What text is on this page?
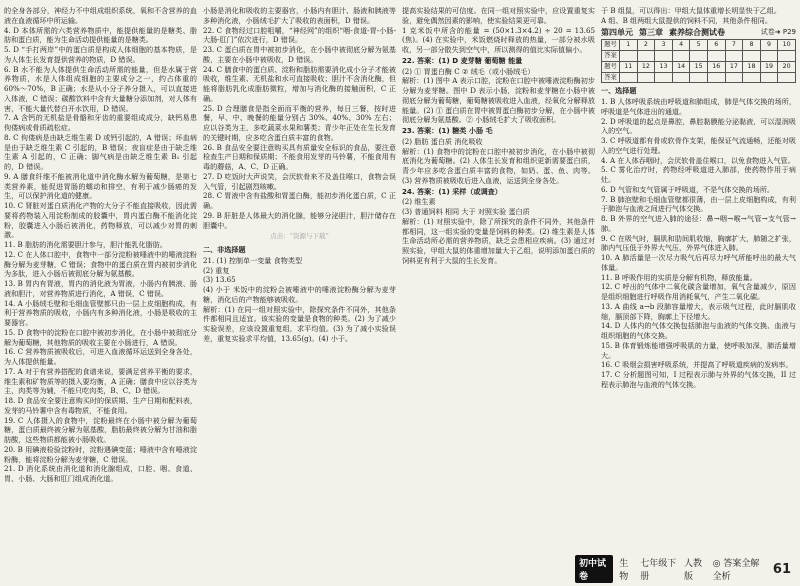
的全身各部分，神经力不中组成组织系统，氧和不含营养的血液在血液循环中所运输。

4. D 本体所需的六类营养物质中，能提供能量的是糖类、脂肪和蛋白质，能为生命活动提供能量的是糖类。

5. D “手打两岸”中的蛋白质是构成人体细胞的基本物质，是为人体生长发育提供营养的物质，D 错误。

6. B 水不能为人体提供生命活动所需的能量，但是水属于营养物质，水是人体组成细胞的主要成分之一，约占体重的 60%～70%，B 正确；水是从小分子养分摄入，可以直接进入体液，C 错误；碳酸饮料中含有大量糖分添加剂，对人体有害，不能大量代替白开水饮用，D 错误。

7. A 含钙的无机盐是骨骼和牙齿的重要组成成分，缺钙易患佝偻病或骨质疏松症。

8. C 佝偻病是由缺乏维生素 D 或钙引起的，A 错误；坏血病是由于缺乏维生素 C 引起的，B 错误；夜盲症是由于缺乏维生素 A 引起的，C 正确；脚气病是由缺乏维生素 B₁ 引起的，D 错误。

9. A 膳食纤维不能被消化道中消化酶水解为葡萄糖，是第七类营养素，能促进胃肠的蠕动和排空，有利于减少肠癌的发生，可以保护消化道的健康。

10. C 肾脏对蛋白质消化产物的大分子不能直接吸收，因此需要将药物装入用淀粉制成的胶囊中，胃内蛋白酶不能消化淀粉，胶囊进入小肠后被消化，药物释放，可以减少对胃的刺激。

11. B 脂肪的消化需要胆汁参与，胆汁能乳化脂肪。

12. C 在人体口腔中，食物中一部分淀粉被唾液中的唾液淀粉酶分解为麦芽糖，C 错误；食物中的蛋白质在胃内被初步消化为多肽，进入小肠后被彻底分解为氨基酸。

13. B 胃内有胃液，胃内的消化液为胃液，小肠内有胰液、肠液和胆汁，对营养物质进行消化，A 错误，C 错误。

14. A 小肠绒毛壁和毛细血管壁都只由一层上皮细胞构成，有利于营养物质的吸收，小肠内有多种消化液，小肠是吸收的主要器官。

15. D 食物中的淀粉在口腔中被初步消化，在小肠中被彻底分解为葡萄糖，其他物质的吸收主要在小肠进行，A 错误。

16. C 营养物质被吸收后，可进入血液循环运送到全身各处，为人体提供能量。

17. A 对于有营养搭配的食谱来说，要满足营养平衡的要求，维生素和矿物质等的摄入要均衡，A 正确；膳食中应以谷类为主，肉类等为辅，不能只吃肉类，B、C、D 错误。

18. D 食品安全要注意购买时的保质期、生产日期和配料表，发芽的马铃薯中含有毒物质，不能食用。

19. C 人体摄入的食物中，淀粉最终在小肠中被分解为葡萄糖，蛋白质最终被分解为氨基酸，脂肪最终被分解为甘油和脂肪酸，这些物质都能被小肠吸收。

20. B 用碘液检验淀粉时，淀粉遇碘变蓝；唾液中含有唾液淀粉酶，能将淀粉分解为麦芽糖，C 错误。

21. D 消化系统由消化道和消化腺组成，口腔、咽、食道、胃、小肠、大肠和肛门组成消化道。

小肠是消化和吸收的主要器官，小肠内有胆汁、肠液和胰液等多种消化液，小肠绒毛扩大了吸收的表面积，D 错误。

22. C 食物经过口腔咀嚼，“神经网”的组织“咽-食道-胃-小肠-大肠-肛门”依次进行，D 错误。

23. C 蛋白质在胃中被初步消化，在小肠中被彻底分解为氨基酸，主要在小肠中被吸收，D 错误。

24. C 膳食中的蛋白质、淀粉和脂肪需要消化成小分子才能被吸收，维生素、无机盐和水可直接吸收；胆汁不含消化酶，但能将脂肪乳化成脂肪微粒，增加与消化酶的接触面积，C 正确。

25. D 合理膳食是指全面而平衡的营养，每日三餐，按时进餐，早、中、晚餐的能量分别占 30%、40%、30% 左右；应以谷类为主，多吃蔬菜水果和薯类；青少年正处在生长发育的关键时期，应多吃含蛋白质丰富的食物。

26. B 食品安全要注意购买具有质量安全标识的食品，要注意检查生产日期和保质期；不能食用发芽的马铃薯，不能食用有毒的蘑菇，A、C、D 正确。

27. D 吃饭时大声说笑，会厌软骨来不及盖住喉口，食物会误入气管，引起剧烈咳嗽。

28. C 胃液中含有盐酸和胃蛋白酶，能初步消化蛋白质，C 正确。

29. B 肝脏是人体最大的消化腺，能够分泌胆汁，胆汁储存在胆囊中。

点击：“资源与下载”

二、非选择题

21. (1) 控制单一变量 食物类型

(2) 重复

(3) 13.65

(4) 小于 米饭中的淀粉会被唾液中的唾液淀粉酶分解为麦芽糖，消化后的产物能够被吸收。

解析：(1) 在同一组对照实验中，除探究条件不同外，其他条件都相同且适宜。该实验的变量是食物的种类。(2) 为了减少实验误差，应该设置重复组，求平均值。(3) 为了减小实验误差，重复实验求平均值，13.65(g)。(4) 小于。

提高实验结果的可信度。在同一组对照实验中，应设置重复实验，避免偶然因素的影响，使实验结果更可靠。

1 克米饭中所含的能量 = (50×1.3×4.2) ÷ 20 = 13.65 (焦)。(4) 在实验中，米饭燃烧时释放的热量，一部分被水吸收，另一部分散失到空气中，所以测得的值比实际值偏小。

22. 答案：(1) D 麦芽糖 葡萄糖 能量

(2) ① 胃蛋白酶 C ② 绒毛（或小肠绒毛）

解析：(1) 图中 A 表示口腔，淀粉在口腔中被唾液淀粉酶初步分解为麦芽糖。图中 D 表示小肠，淀粉和麦芽糖在小肠中被彻底分解为葡萄糖，葡萄糖被吸收进入血液，经氧化分解释放能量。(2) ① 蛋白质在胃中被胃蛋白酶初步分解，在小肠中被彻底分解为氨基酸。② 小肠绒毛扩大了吸收面积。

23. 答案：(1) 糖类 小肠 毛

(2) 脂肪 蛋白质 消化吸收

解析：(1) 食物中的淀粉在口腔中被初步消化，在小肠中被彻底消化为葡萄糖。(2) 人体生长发育和组织更新需要蛋白质，青少年应多吃含蛋白质丰富的食物，如奶、蛋、鱼、肉等。(3) 营养物质被吸收后进入血液，运送到全身各处。

24. 答案：(1) 采样（或调查）

(2) 维生素

(3) 普通饲料 相同 大于 对照实验 蛋白质

解析：(1) 对照实验中，除了所探究的条件不同外，其他条件都相同，这一组实验的变量是饲料的种类。(2) 维生素是人体生命活动所必需的营养物质，缺乏会患相应疾病。(3) 通过对照实验，甲组大鼠的体重增加量大于乙组，说明添加蛋白质的饲料更有利于大鼠的生长发育。

于 B 组鼠，可以得出：甲组大鼠体重增长明显快于乙组。

A 组、B 组两组大鼠提供的饲料不同，其他条件相同。

第四单元 第三章 素养综合测试卷	试卷➜ P29
题号	1	2	3	4	5	6	7	8	9	10
答案										
题号	11	12	13	14	15	16	17	18	19	20
答案										

一、选择题

1. B 人体呼吸系统由呼吸道和肺组成，肺是气体交换的场所，呼吸道是气体进出的通道。

2. D 呼吸道的起点是鼻腔，鼻腔黏膜能分泌黏液，可以湿润吸入的空气。

3. C 呼吸道都有骨或软骨作支架，能保证气流通畅，还能对吸入的空气进行处理。

4. A 在人体吞咽时，会厌软骨盖住喉口，以免食物进入气管。

5. C 雾化治疗时，药物经呼吸道进入肺部，使药物作用于病灶。

6. D 气管和支气管属于呼吸道，不是气体交换的场所。

7. B 肺泡壁和毛细血管壁都很薄，由一层上皮细胞构成，有利于肺泡与血液之间进行气体交换。

8. B 外界的空气进入肺的途径：鼻→咽→喉→气管→支气管→肺。

9. C 在吸气时，膈肌和肋间肌收缩，胸廓扩大，肺随之扩张，肺内气压低于外界大气压，外界气体进入肺。

10. A 肺活量是一次尽力吸气后再尽力呼气所能呼出的最大气体量。

11. B 呼吸作用的实质是分解有机物，释放能量。

12. C 呼出的气体中二氧化碳含量增加，氧气含量减少，原因是组织细胞进行呼吸作用消耗氧气，产生二氧化碳。

13. A 曲线 a→b 段肺容量增大，表示吸气过程，此时膈肌收缩，膈顶部下降，胸廓上下径增大。

14. D 人体内的气体交换包括肺泡与血液的气体交换、血液与组织细胞的气体交换。

15. B 体育锻炼能增强呼吸肌的力量，使呼吸加深，肺活量增大。

16. C 吸烟会损害呼吸系统，并提高了呼吸道疾病的发病率。

17. C 分析题图可知，I 过程表示肺与外界的气体交换，II 过程表示肺泡与血液的气体交换。

初中试卷
生物
七年级下册
人教版
◎ 答案全解全析
61
